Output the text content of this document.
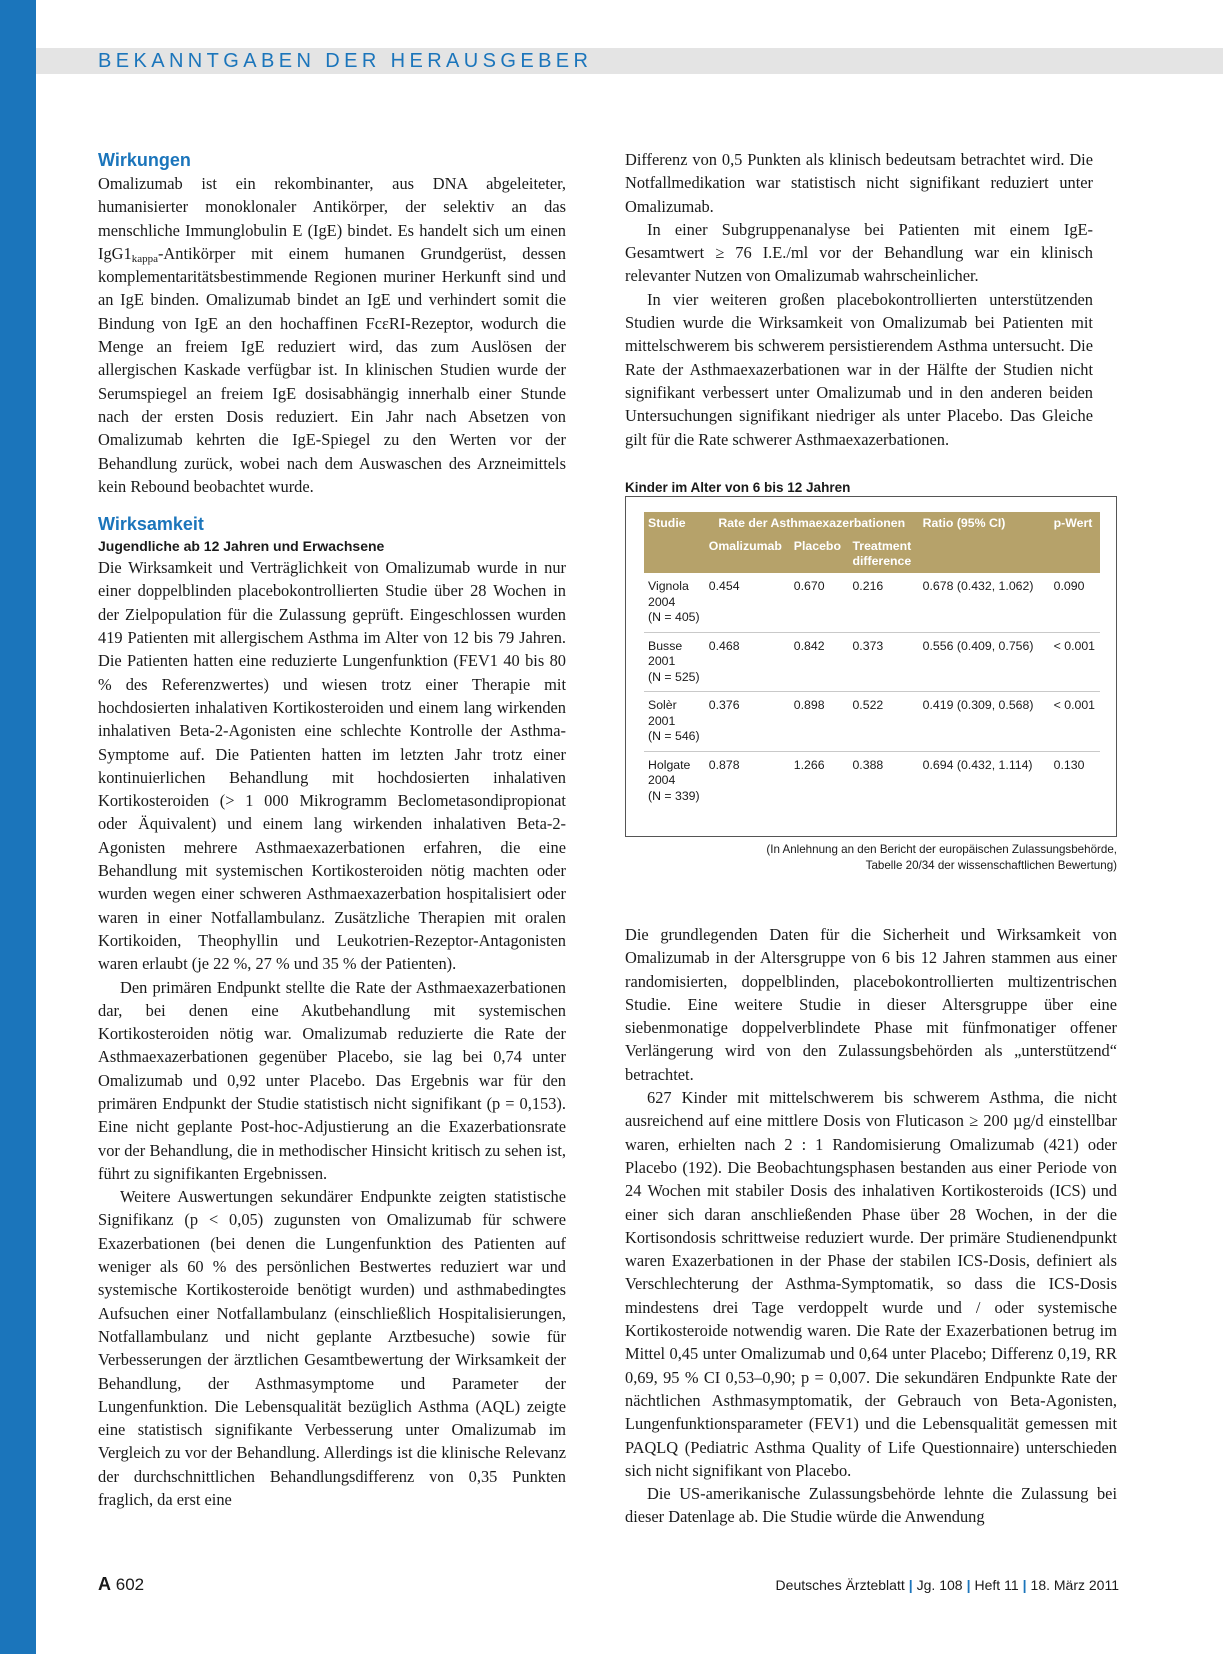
BEKANNTGABEN DER HERAUSGEBER
Wirkungen

Omalizumab ist ein rekombinanter, aus DNA abgeleiteter, humanisierter monoklonaler Antikörper, der selektiv an das menschliche Immunglobulin E (IgE) bindet. Es handelt sich um einen $IgG1_{kappa}$-Antikörper mit einem humanen Grundgerüst, dessen komplementaritätsbestimmende Regionen muriner Herkunft sind und an IgE binden. Omalizumab bindet an IgE und verhindert somit die Bindung von IgE an den hochaffinen FcεRI-Rezeptor, wodurch die Menge an freiem IgE reduziert wird, das zum Auslösen der allergischen Kaskade verfügbar ist. In klinischen Studien wurde der Serumspiegel an freiem IgE dosisabhängig innerhalb einer Stunde nach der ersten Dosis reduziert. Ein Jahr nach Absetzen von Omalizumab kehrten die IgE-Spiegel zu den Werten vor der Behandlung zurück, wobei nach dem Auswaschen des Arzneimittels kein Rebound beobachtet wurde.

Wirksamkeit
Jugendliche ab 12 Jahren und Erwachsene

Die Wirksamkeit und Verträglichkeit von Omalizumab wurde in nur einer doppelblinden placebokontrollierten Studie über 28 Wochen in der Zielpopulation für die Zulassung geprüft. Eingeschlossen wurden 419 Patienten mit allergischem Asthma im Alter von 12 bis 79 Jahren. Die Patienten hatten eine reduzierte Lungenfunktion (FEV1 40 bis 80 % des Referenzwertes) und wiesen trotz einer Therapie mit hochdosierten inhalativen Kortikosteroiden und einem lang wirkenden inhalativen Beta-2-Agonisten eine schlechte Kontrolle der Asthma-Symptome auf. Die Patienten hatten im letzten Jahr trotz einer kontinuierlichen Behandlung mit hochdosierten inhalativen Kortikosteroiden (> 1 000 Mikrogramm Beclometasondipropionat oder Äquivalent) und einem lang wirkenden inhalativen Beta-2-Agonisten mehrere Asthmaexazerbationen erfahren, die eine Behandlung mit systemischen Kortikosteroiden nötig machten oder wurden wegen einer schweren Asthmaexazerbation hospitalisiert oder waren in einer Notfallambulanz. Zusätzliche Therapien mit oralen Kortikoiden, Theophyllin und Leukotrien-Rezeptor-Antagonisten waren erlaubt (je 22 %, 27 % und 35 % der Patienten).

Den primären Endpunkt stellte die Rate der Asthmaexazerbationen dar, bei denen eine Akutbehandlung mit systemischen Kortikosteroiden nötig war. Omalizumab reduzierte die Rate der Asthmaexazerbationen gegenüber Placebo, sie lag bei 0,74 unter Omalizumab und 0,92 unter Placebo. Das Ergebnis war für den primären Endpunkt der Studie statistisch nicht signifikant (p = 0,153). Eine nicht geplante Post-hoc-Adjustierung an die Exazerbationsrate vor der Behandlung, die in methodischer Hinsicht kritisch zu sehen ist, führt zu signifikanten Ergebnissen.

Weitere Auswertungen sekundärer Endpunkte zeigten statistische Signifikanz (p < 0,05) zugunsten von Omalizumab für schwere Exazerbationen (bei denen die Lungenfunktion des Patienten auf weniger als 60 % des persönlichen Bestwertes reduziert war und systemische Kortikosteroide benötigt wurden) und asthmabedingtes Aufsuchen einer Notfallambulanz (einschließlich Hospitalisierungen, Notfallambulanz und nicht geplante Arztbesuche) sowie für Verbesserungen der ärztlichen Gesamtbewertung der Wirksamkeit der Behandlung, der Asthmasymptome und Parameter der Lungenfunktion. Die Lebensqualität bezüglich Asthma (AQL) zeigte eine statistisch signifikante Verbesserung unter Omalizumab im Vergleich zu vor der Behandlung. Allerdings ist die klinische Relevanz der durchschnittlichen Behandlungsdifferenz von 0,35 Punkten fraglich, da erst eine

Differenz von 0,5 Punkten als klinisch bedeutsam betrachtet wird. Die Notfallmedikation war statistisch nicht signifikant reduziert unter Omalizumab.

In einer Subgruppenanalyse bei Patienten mit einem IgE-Gesamtwert ≥ 76 I.E./ml vor der Behandlung war ein klinisch relevanter Nutzen von Omalizumab wahrscheinlicher.

In vier weiteren großen placebokontrollierten unterstützenden Studien wurde die Wirksamkeit von Omalizumab bei Patienten mit mittelschwerem bis schwerem persistierendem Asthma untersucht. Die Rate der Asthmaexazerbationen war in der Hälfte der Studien nicht signifikant verbessert unter Omalizumab und in den anderen beiden Untersuchungen signifikant niedriger als unter Placebo. Das Gleiche gilt für die Rate schwerer Asthmaexazerbationen.

Kinder im Alter von 6 bis 12 Jahren
Studie	Rate der Asthmaexazerbationen			Ratio (95% CI)	p-Wert
	Omalizumab	Placebo	Treatment difference		
Vignola
2004
(N = 405)	0.454	0.670	0.216	0.678 (0.432, 1.062)	0.090
Busse
2001
(N = 525)	0.468	0.842	0.373	0.556 (0.409, 0.756)	< 0.001
Solèr
2001
(N = 546)	0.376	0.898	0.522	0.419 (0.309, 0.568)	< 0.001
Holgate
2004
(N = 339)	0.878	1.266	0.388	0.694 (0.432, 1.114)	0.130
(In Anlehnung an den Bericht der europäischen Zulassungsbehörde,
Tabelle 20/34 der wissenschaftlichen Bewertung)

Die grundlegenden Daten für die Sicherheit und Wirksamkeit von Omalizumab in der Altersgruppe von 6 bis 12 Jahren stammen aus einer randomisierten, doppelblinden, placebokontrollierten multizentrischen Studie. Eine weitere Studie in dieser Altersgruppe über eine siebenmonatige doppelverblindete Phase mit fünfmonatiger offener Verlängerung wird von den Zulassungsbehörden als „unterstützend“ betrachtet.

627 Kinder mit mittelschwerem bis schwerem Asthma, die nicht ausreichend auf eine mittlere Dosis von Fluticason ≥ 200 µg/d einstellbar waren, erhielten nach 2 : 1 Randomisierung Omalizumab (421) oder Placebo (192). Die Beobachtungsphasen bestanden aus einer Periode von 24 Wochen mit stabiler Dosis des inhalativen Kortikosteroids (ICS) und einer sich daran anschließenden Phase über 28 Wochen, in der die Kortisondosis schrittweise reduziert wurde. Der primäre Studienendpunkt waren Exazerbationen in der Phase der stabilen ICS-Dosis, definiert als Verschlechterung der Asthma-Symptomatik, so dass die ICS-Dosis mindestens drei Tage verdoppelt wurde und / oder systemische Kortikosteroide notwendig waren. Die Rate der Exazerbationen betrug im Mittel 0,45 unter Omalizumab und 0,64 unter Placebo; Differenz 0,19, RR 0,69, 95 % CI 0,53–0,90; p = 0,007. Die sekundären Endpunkte Rate der nächtlichen Asthmasymptomatik, der Gebrauch von Beta-Agonisten, Lungenfunktionsparameter (FEV1) und die Lebensqualität gemessen mit PAQLQ (Pediatric Asthma Quality of Life Questionnaire) unterschieden sich nicht signifikant von Placebo.

Die US-amerikanische Zulassungsbehörde lehnte die Zulassung bei dieser Datenlage ab. Die Studie würde die Anwendung

A 602	Deutsches Ärzteblatt | Jg. 108 | Heft 11 | 18. März 2011
